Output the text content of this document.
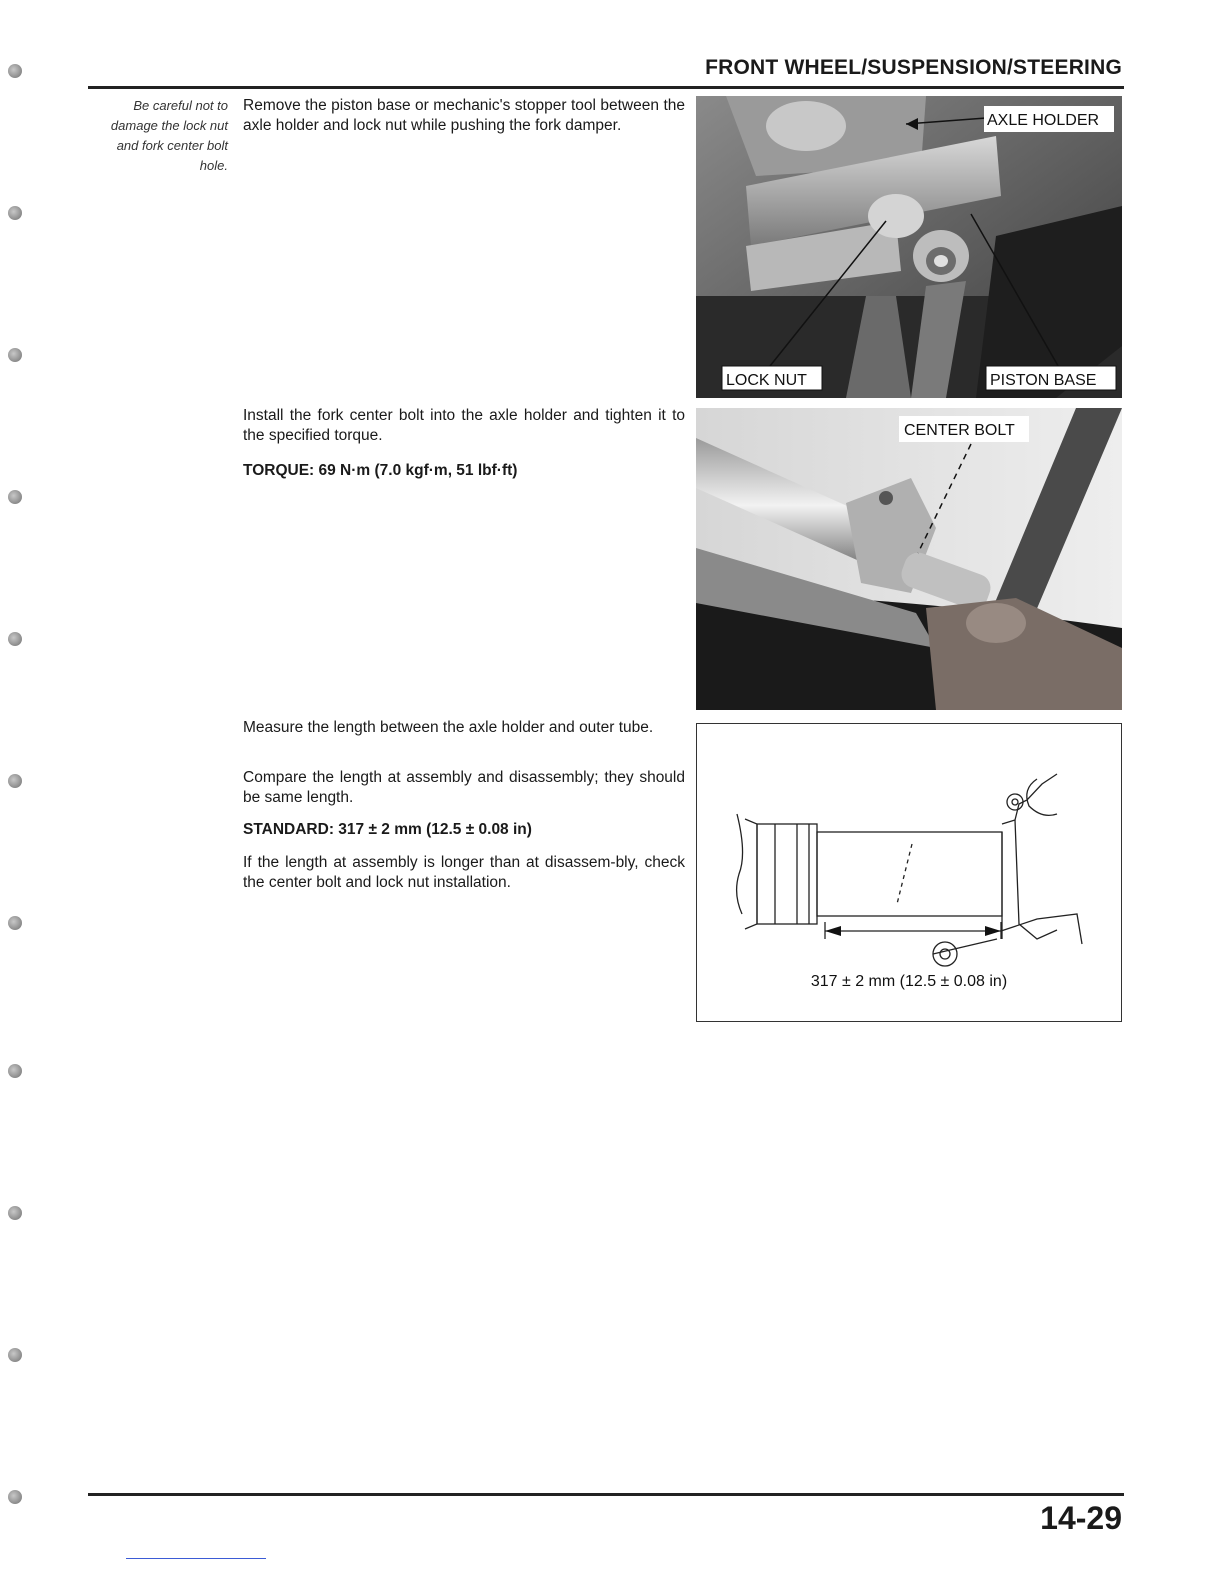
FRONT WHEEL/SUSPENSION/STEERING
Be careful not to damage the lock nut and fork center bolt hole.
Remove the piston base or mechanic's stopper tool between the axle holder and lock nut while pushing the fork damper.	AXLE HOLDER
LOCK NUT	PISTON BASE
Install the fork center bolt into the axle holder and tighten it to the specified torque.
TORQUE: 69 N·m (7.0 kgf·m, 51 lbf·ft)
CENTER BOLT
Measure the length between the axle holder and outer tube.
Compare the length at assembly and disassembly; they should be same length.
STANDARD: 317 ± 2 mm (12.5 ± 0.08 in)
If the length at assembly is longer than at disassem-bly, check the center bolt and lock nut installation.
317 ± 2 mm (12.5 ± 0.08 in)
14-29
